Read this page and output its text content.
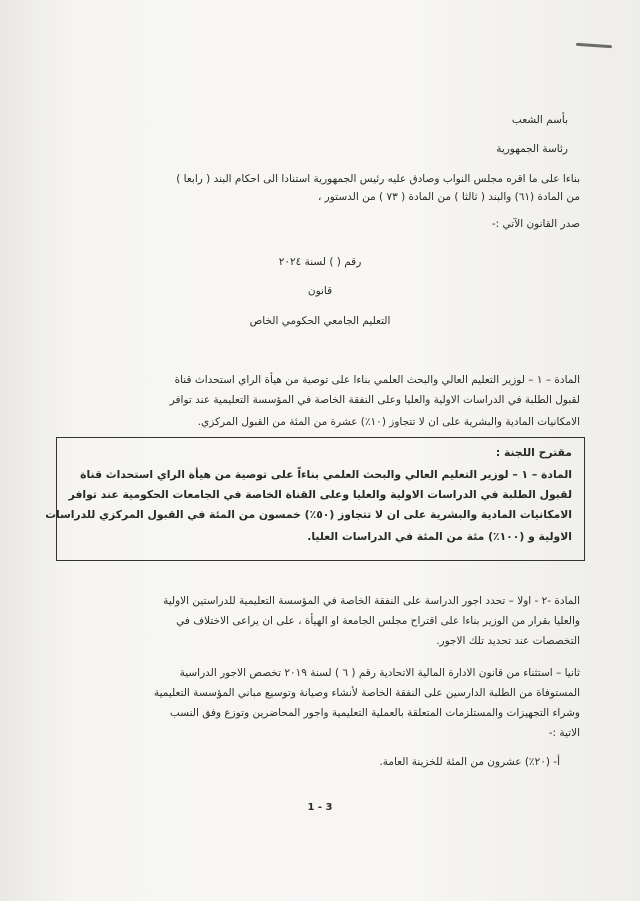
بأسم الشعب
رئاسة الجمهورية
بناءا على ما اقره مجلس النواب وصادق عليه رئيس الجمهورية استنادا الى احكام البند ( رابعا )
من المادة (٦١) والبند ( ثالثا ) من المادة ( ٧٣ ) من الدستور ،
صدر القانون الآتي :-
رقم ( ) لسنة ٢٠٢٤
قانون
التعليم الجامعي الحكومي الخاص
المادة – ١ – لوزير التعليم العالي والبحث العلمي بناءا على توصية من هيأة الراي استحداث قناة
لقبول الطلبة في الدراسات الاولية والعليا وعلى النفقة الخاصة في المؤسسة التعليمية عند توافر
الامكانيات المادية والبشرية على ان لا تتجاوز (١٠٪) عشرة من المئة من القبول المركزي.
مقترح اللجنة :
المادة – ١ – لوزير التعليم العالي والبحث العلمي بناءاً على توصية من هيأة الراي استحداث قناة
لقبول الطلبة في الدراسات الاولية والعليا وعلى القناة الخاصة في الجامعات الحكومية عند توافر
الامكانيات المادية والبشرية على ان لا تتجاوز (٥٠٪) خمسون من المئة في القبول المركزي للدراسات
الاولية و (١٠٠٪) مئة من المئة في الدراسات العليا.
المادة -٢ - اولا – تحدد اجور الدراسة على النفقة الخاصة في المؤسسة التعليمية للدراستين الاولية
والعليا بقرار من الوزير بناءا على اقتراح مجلس الجامعة او الهيأة ، على ان يراعى الاختلاف في
التخصصات عند تحديد تلك الاجور.
ثانيا – استثناء من قانون الادارة المالية الاتحادية رقم ( ٦ ) لسنة ٢٠١٩ تخصص الاجور الدراسية
المستوفاة من الطلبة الدارسين على النفقة الخاصة لأنشاء وصيانة وتوسيع مباني المؤسسة التعليمية
وشراء التجهيزات والمستلزمات المتعلقة بالعملية التعليمية واجور المحاضرين وتوزع وفق النسب
الاتية :-
أ- (٢٠٪) عشرون من المئة للخزينة العامة.
1 - 3
